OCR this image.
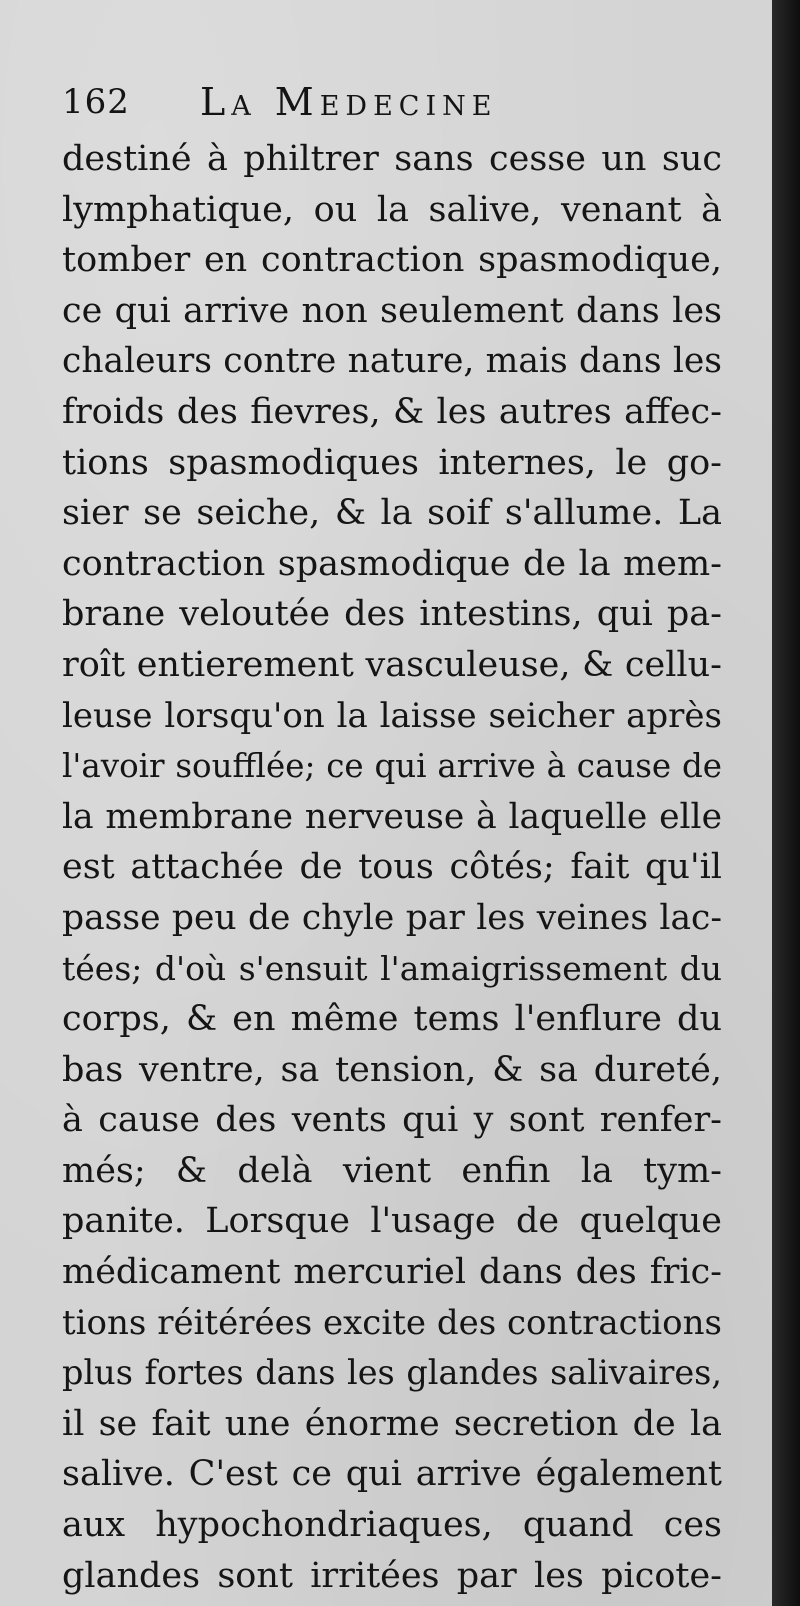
162 La Medecine
destiné à philtrer sans cesse un suc
lymphatique, ou la salive, venant à
tomber en contraction spasmodique,
ce qui arrive non seulement dans les
chaleurs contre nature, mais dans les
froids des fievres, & les autres affec-
tions spasmodiques internes, le go-
sier se seiche, & la soif s'allume. La
contraction spasmodique de la mem-
brane veloutée des intestins, qui pa-
roît entierement vasculeuse, & cellu-
leuse lorsqu'on la laisse seicher après
l'avoir soufflée; ce qui arrive à cause de
la membrane nerveuse à laquelle elle
est attachée de tous côtés; fait qu'il
passe peu de chyle par les veines lac-
tées; d'où s'ensuit l'amaigrissement du
corps, & en même tems l'enflure du
bas ventre, sa tension, & sa dureté,
à cause des vents qui y sont renfer-
més; & delà vient enfin la tym-
panite. Lorsque l'usage de quelque
médicament mercuriel dans des fric-
tions réitérées excite des contractions
plus fortes dans les glandes salivaires,
il se fait une énorme secretion de la
salive. C'est ce qui arrive également
aux hypochondriaques, quand ces
glandes sont irritées par les picote-
